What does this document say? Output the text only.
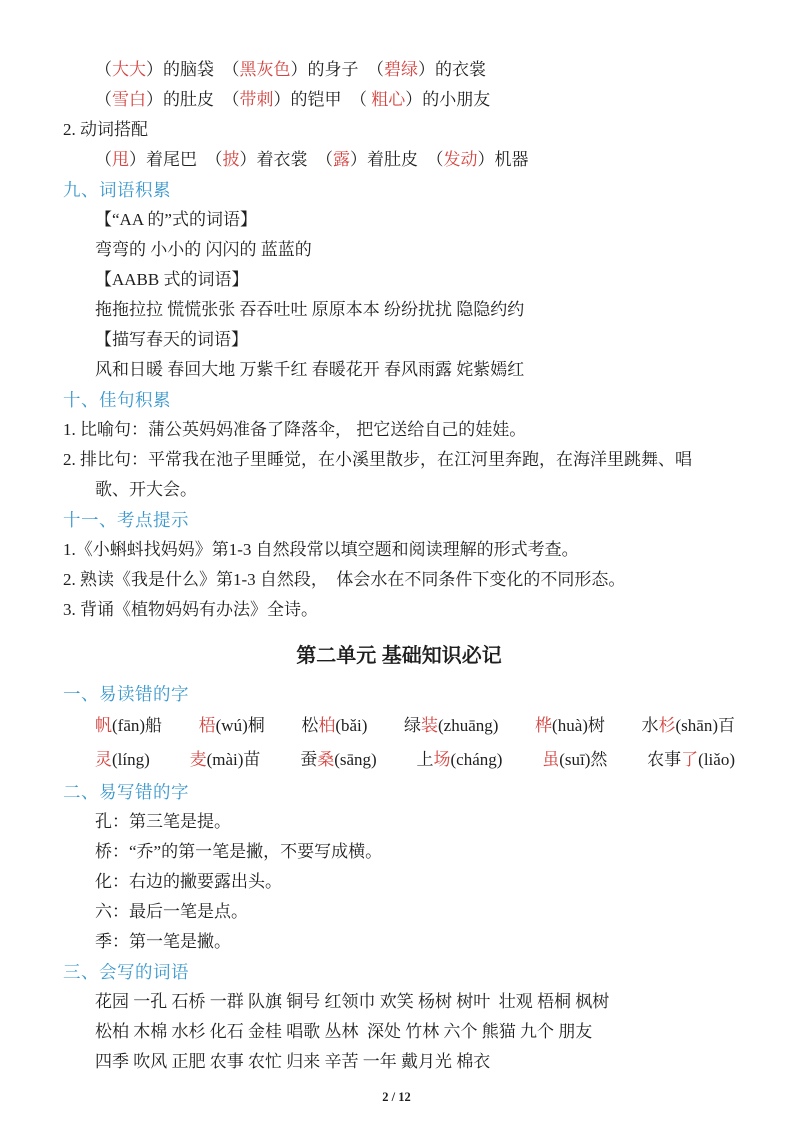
（大大）的脑袋  （黑灰色）的身子  （碧绿）的衣裳
（雪白）的肚皮  （带刺）的铠甲  （ 粗心）的小朋友
2. 动词搭配
（甩）着尾巴  （披）着衣裳  （露）着肚皮  （发动）机器
九、词语积累
【“AA 的”式的词语】
弯弯的 小小的 闪闪的 蓝蓝的
【AABB 式的词语】
拖拖拉拉 慌慌张张 吞吞吐吐 原原本本 纷纷扰扰 隐隐约约
【描写春天的词语】
风和日暖 春回大地 万紫千红 春暖花开 春风雨露 姹紫嫣红
十、佳句积累
1. 比喻句：蒲公英妈妈准备了降落伞， 把它送给自己的娃娃。
2. 排比句：平常我在池子里睡觉，在小溪里散步，在江河里奔跑，在海洋里跳舞、唱
歌、开大会。
十一、考点提示
1.《小蝌蚪找妈妈》第1-3 自然段常以填空题和阅读理解的形式考查。
2. 熟读《我是什么》第1-3 自然段，  体会水在不同条件下变化的不同形态。
3. 背诵《植物妈妈有办法》全诗。
第二单元 基础知识必记
一、易读错的字
帆(fān)船 梧(wú)桐 松柏(bǎi) 绿装(zhuāng) 桦(huà)树 水杉(shān)百
灵(líng) 麦(mài)苗 蚕桑(sāng) 上场(cháng) 虽(suī)然 农事了(liǎo)
二、易写错的字
孔：第三笔是提。
桥：“乔”的第一笔是撇，不要写成横。
化：右边的撇要露出头。
六：最后一笔是点。
季：第一笔是撇。
三、会写的词语
花园 一孔 石桥 一群 队旗 铜号 红领巾 欢笑 杨树 树叶  壮观 梧桐 枫树
松柏 木棉 水杉 化石 金桂 唱歌 丛林  深处 竹林 六个 熊猫 九个 朋友
四季 吹风 正肥 农事 农忙 归来 辛苦 一年 戴月光 棉衣
2 / 12
